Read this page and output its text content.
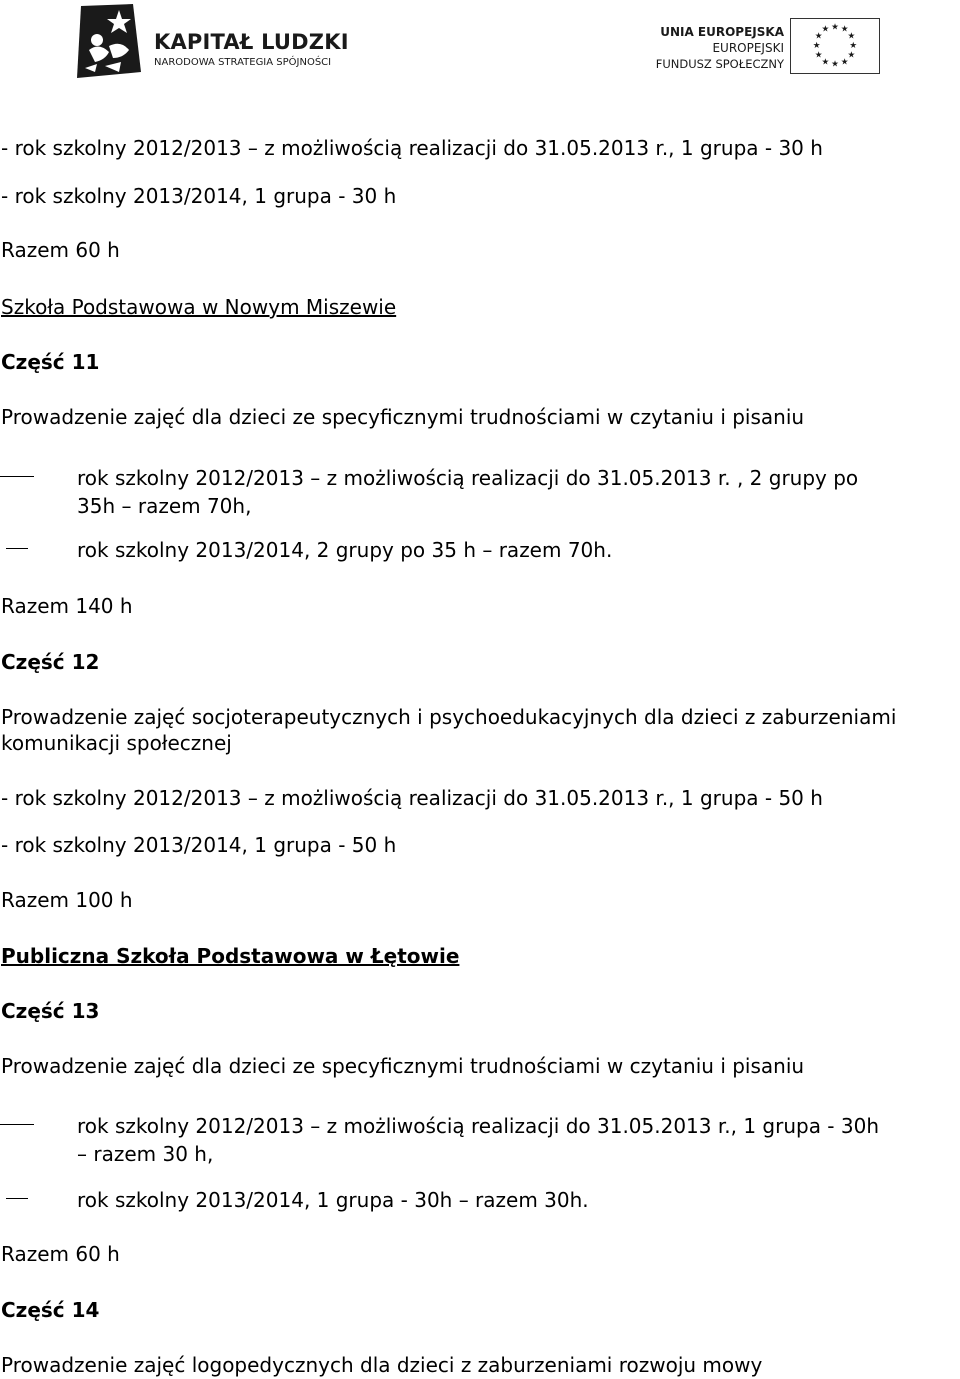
KAPITAŁ LUDZKI
NARODOWA STRATEGIA SPÓJNOŚCI
UNIA EUROPEJSKA
EUROPEJSKI
FUNDUSZ SPOŁECZNY
★ ★
★
★
★
★
★
★
★
★
★
★
- rok szkolny 2012/2013 – z możliwością realizacji do 31.05.2013 r., 1 grupa - 30 h
- rok szkolny 2013/2014, 1 grupa - 30 h
Razem 60 h
Szkoła Podstawowa w Nowym Miszewie
Część 11
Prowadzenie zajęć dla dzieci ze specyficznymi trudnościami w czytaniu i pisaniu
rok szkolny 2012/2013 – z możliwością realizacji do 31.05.2013 r. , 2 grupy po
35h – razem 70h,
rok szkolny 2013/2014, 2 grupy po 35 h – razem 70h.
Razem 140 h
Część 12
Prowadzenie zajęć socjoterapeutycznych i psychoedukacyjnych dla dzieci z zaburzeniami
komunikacji społecznej
- rok szkolny 2012/2013 – z możliwością realizacji do 31.05.2013 r., 1 grupa - 50 h
- rok szkolny 2013/2014, 1 grupa - 50 h
Razem 100 h
Publiczna Szkoła Podstawowa w Łętowie
Część 13
Prowadzenie zajęć dla dzieci ze specyficznymi trudnościami w czytaniu i pisaniu
rok szkolny 2012/2013 – z możliwością realizacji do 31.05.2013 r., 1 grupa - 30h
– razem 30 h,
rok szkolny 2013/2014, 1 grupa - 30h – razem 30h.
Razem 60 h
Część 14
Prowadzenie zajęć logopedycznych dla dzieci z zaburzeniami rozwoju mowy
